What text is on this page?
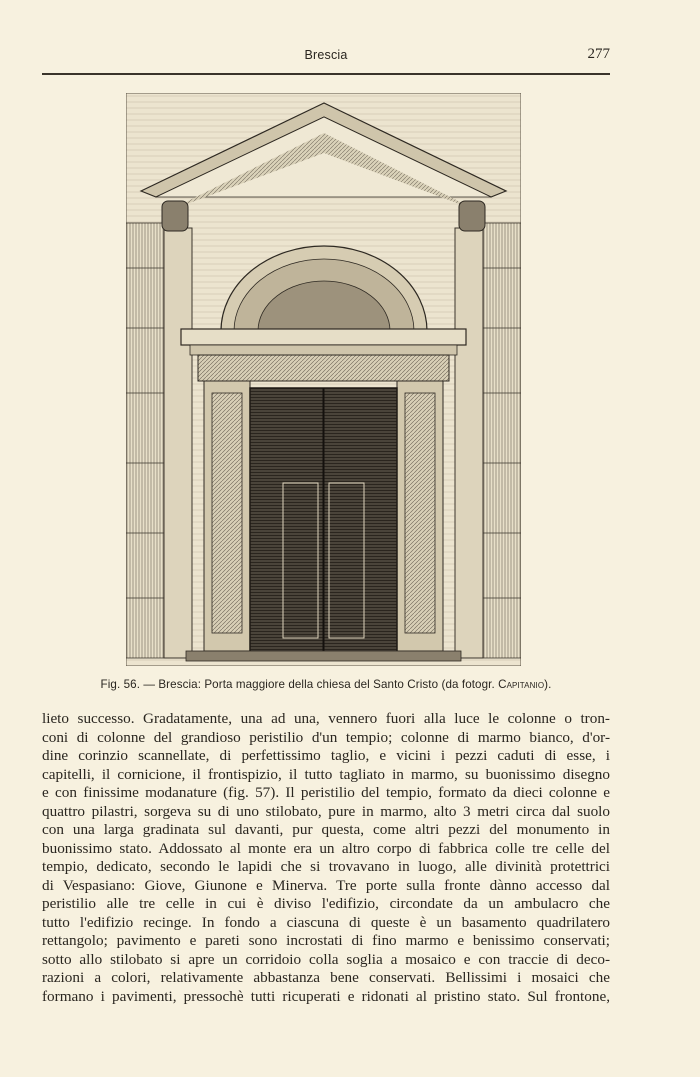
Brescia	277
Fig. 56. — Brescia: Porta maggiore della chiesa del Santo Cristo (da fotogr. Capitanio).
lieto successo. Gradatamente, una ad una, vennero fuori alla luce le colonne o tron-
coni di colonne del grandioso peristilio d'un tempio; colonne di marmo bianco, d'or-
dine corinzio scannellate, di perfettissimo taglio, e vicini i pezzi caduti di esse, i
capitelli, il cornicione, il frontispizio, il tutto tagliato in marmo, su buonissimo disegno
e con finissime modanature (fig. 57). Il peristilio del tempio, formato da dieci colonne e
quattro pilastri, sorgeva su di uno stilobato, pure in marmo, alto 3 metri circa dal suolo
con una larga gradinata sul davanti, pur questa, come altri pezzi del monumento in
buonissimo stato. Addossato al monte era un altro corpo di fabbrica colle tre celle del
tempio, dedicato, secondo le lapidi che si trovavano in luogo, alle divinità protettrici
di Vespasiano: Giove, Giunone e Minerva. Tre porte sulla fronte dànno accesso dal
peristilio alle tre celle in cui è diviso l'edifizio, circondate da un ambulacro che
tutto l'edifizio recinge. In fondo a ciascuna di queste è un basamento quadrilatero
rettangolo; pavimento e pareti sono incrostati di fino marmo e benissimo conservati;
sotto allo stilobato si apre un corridoio colla soglia a mosaico e con traccie di deco-
razioni a colori, relativamente abbastanza bene conservati. Bellissimi i mosaici che
formano i pavimenti, pressochè tutti ricuperati e ridonati al pristino stato. Sul frontone,
